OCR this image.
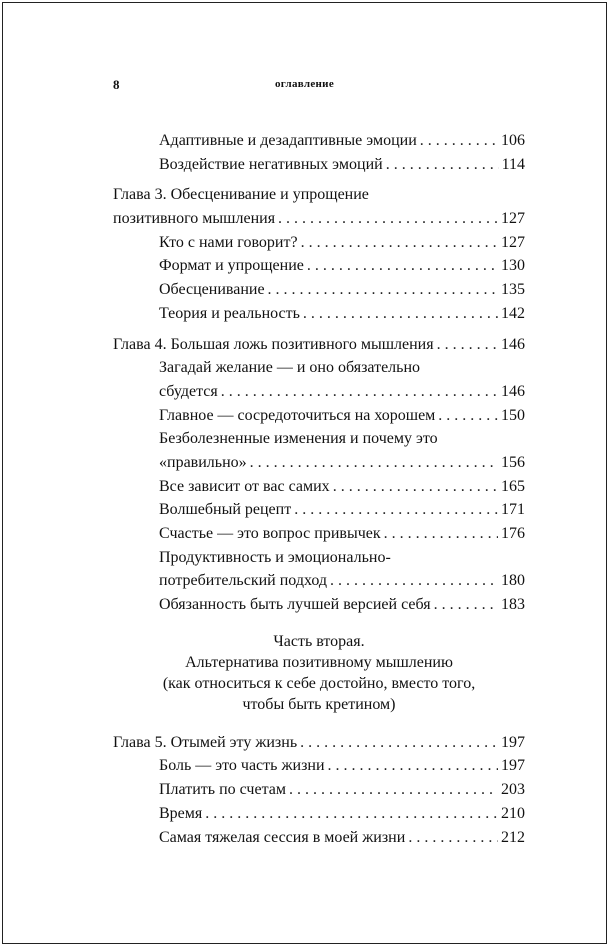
8	оглавление
Адаптивные и дезадаптивные эмоции . . .	106
Воздействие негативных эмоций . . .	114
Глава 3. Обесценивание и упрощение
позитивного мышления . . .	127
Кто с нами говорит? . . .	127
Формат и упрощение . . .	130
Обесценивание . . .	135
Теория и реальность . . .	142
Глава 4. Большая ложь позитивного мышления . . .	146
Загадай желание — и оно обязательно
сбудется . . .	146
Главное — сосредоточиться на хорошем . . .	150
Безболезненные изменения и почему это
«правильно» . . .	156
Все зависит от вас самих . . .	165
Волшебный рецепт . . .	171
Счастье — это вопрос привычек . . .	176
Продуктивность и эмоционально-
потребительский подход . . .	180
Обязанность быть лучшей версией себя . . .	183
Часть вторая.
Альтернатива позитивному мышлению
(как относиться к себе достойно, вместо того,
чтобы быть кретином)
Глава 5. Отымей эту жизнь . . .	197
Боль — это часть жизни . . .	197
Платить по счетам . . .	203
Время . . .	210
Самая тяжелая сессия в моей жизни . . .	212
